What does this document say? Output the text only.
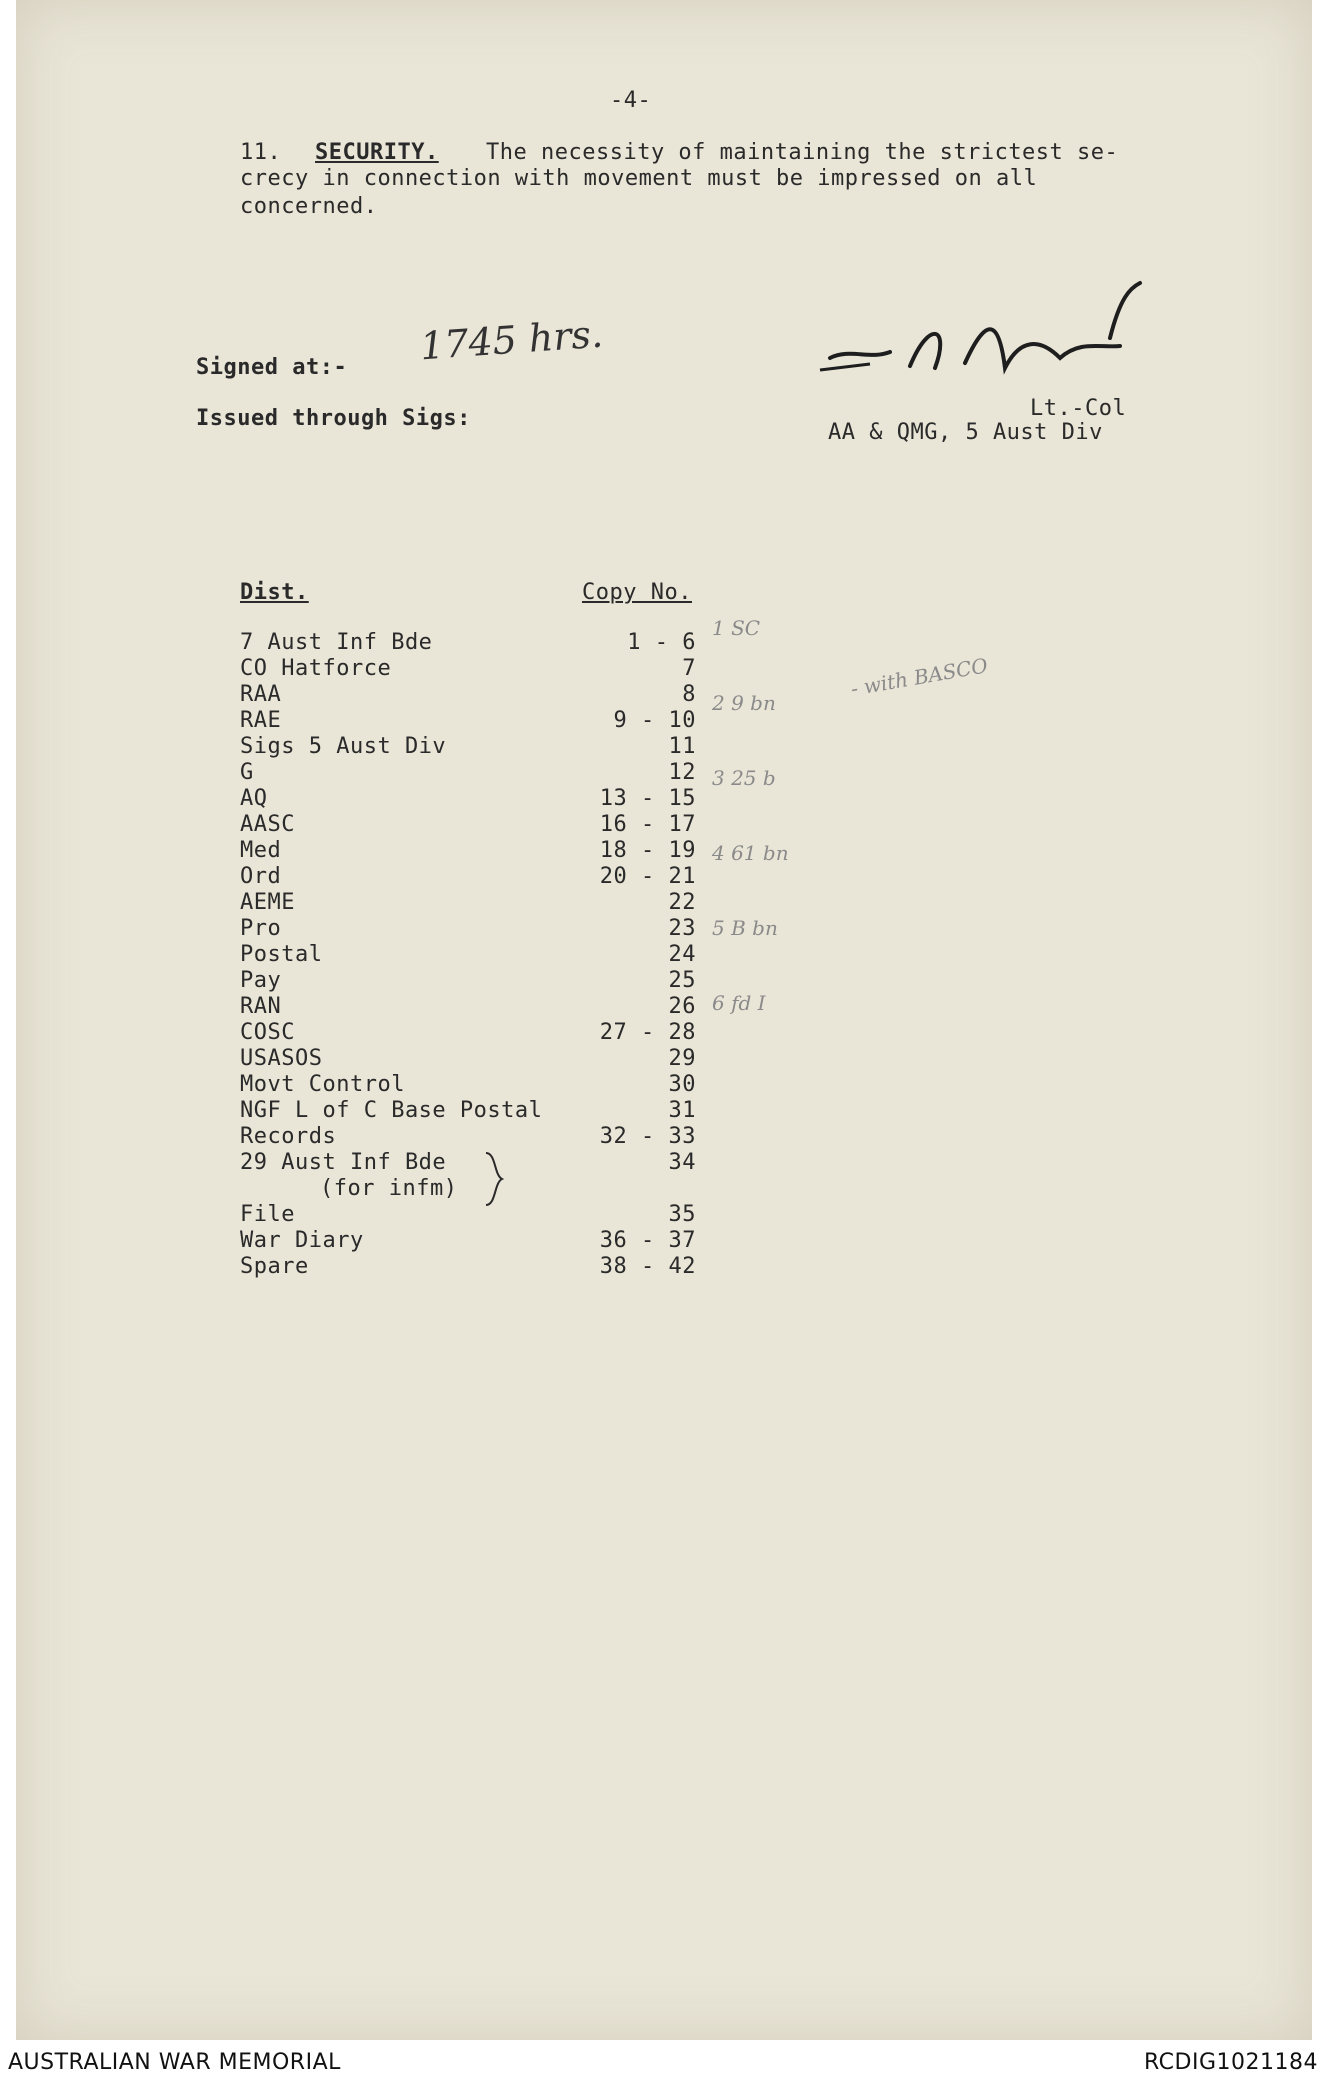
-4-
11. SECURITY. The necessity of maintaining the strictest se-
crecy in connection with movement must be impressed on all
concerned.
Signed at:- 1745 hrs.
Issued through Sigs:	Lt.-Col
AA & QMG, 5 Aust Div
Dist.	Copy No.
7 Aust Inf Bde	1 - 6
CO Hatforce	7
RAA	8
RAE	9 - 10
Sigs 5 Aust Div	11
G	12
AQ	13 - 15
AASC	16 - 17
Med	18 - 19
Ord	20 - 21
AEME	22
Pro	23
Postal	24
Pay	25
RAN	26
COSC	27 - 28
USASOS	29
Movt Control	30
NGF L of C Base Postal	31
Records	32 - 33
29 Aust Inf Bde	34
(for infm)
File	35
War Diary	36 - 37
Spare	38 - 42

1 SC

2 9 bn

3 25 b

4 61 bn

5 B bn

6 fd I

- with BASCO
AUSTRALIAN WAR MEMORIAL	RCDIG1021184
